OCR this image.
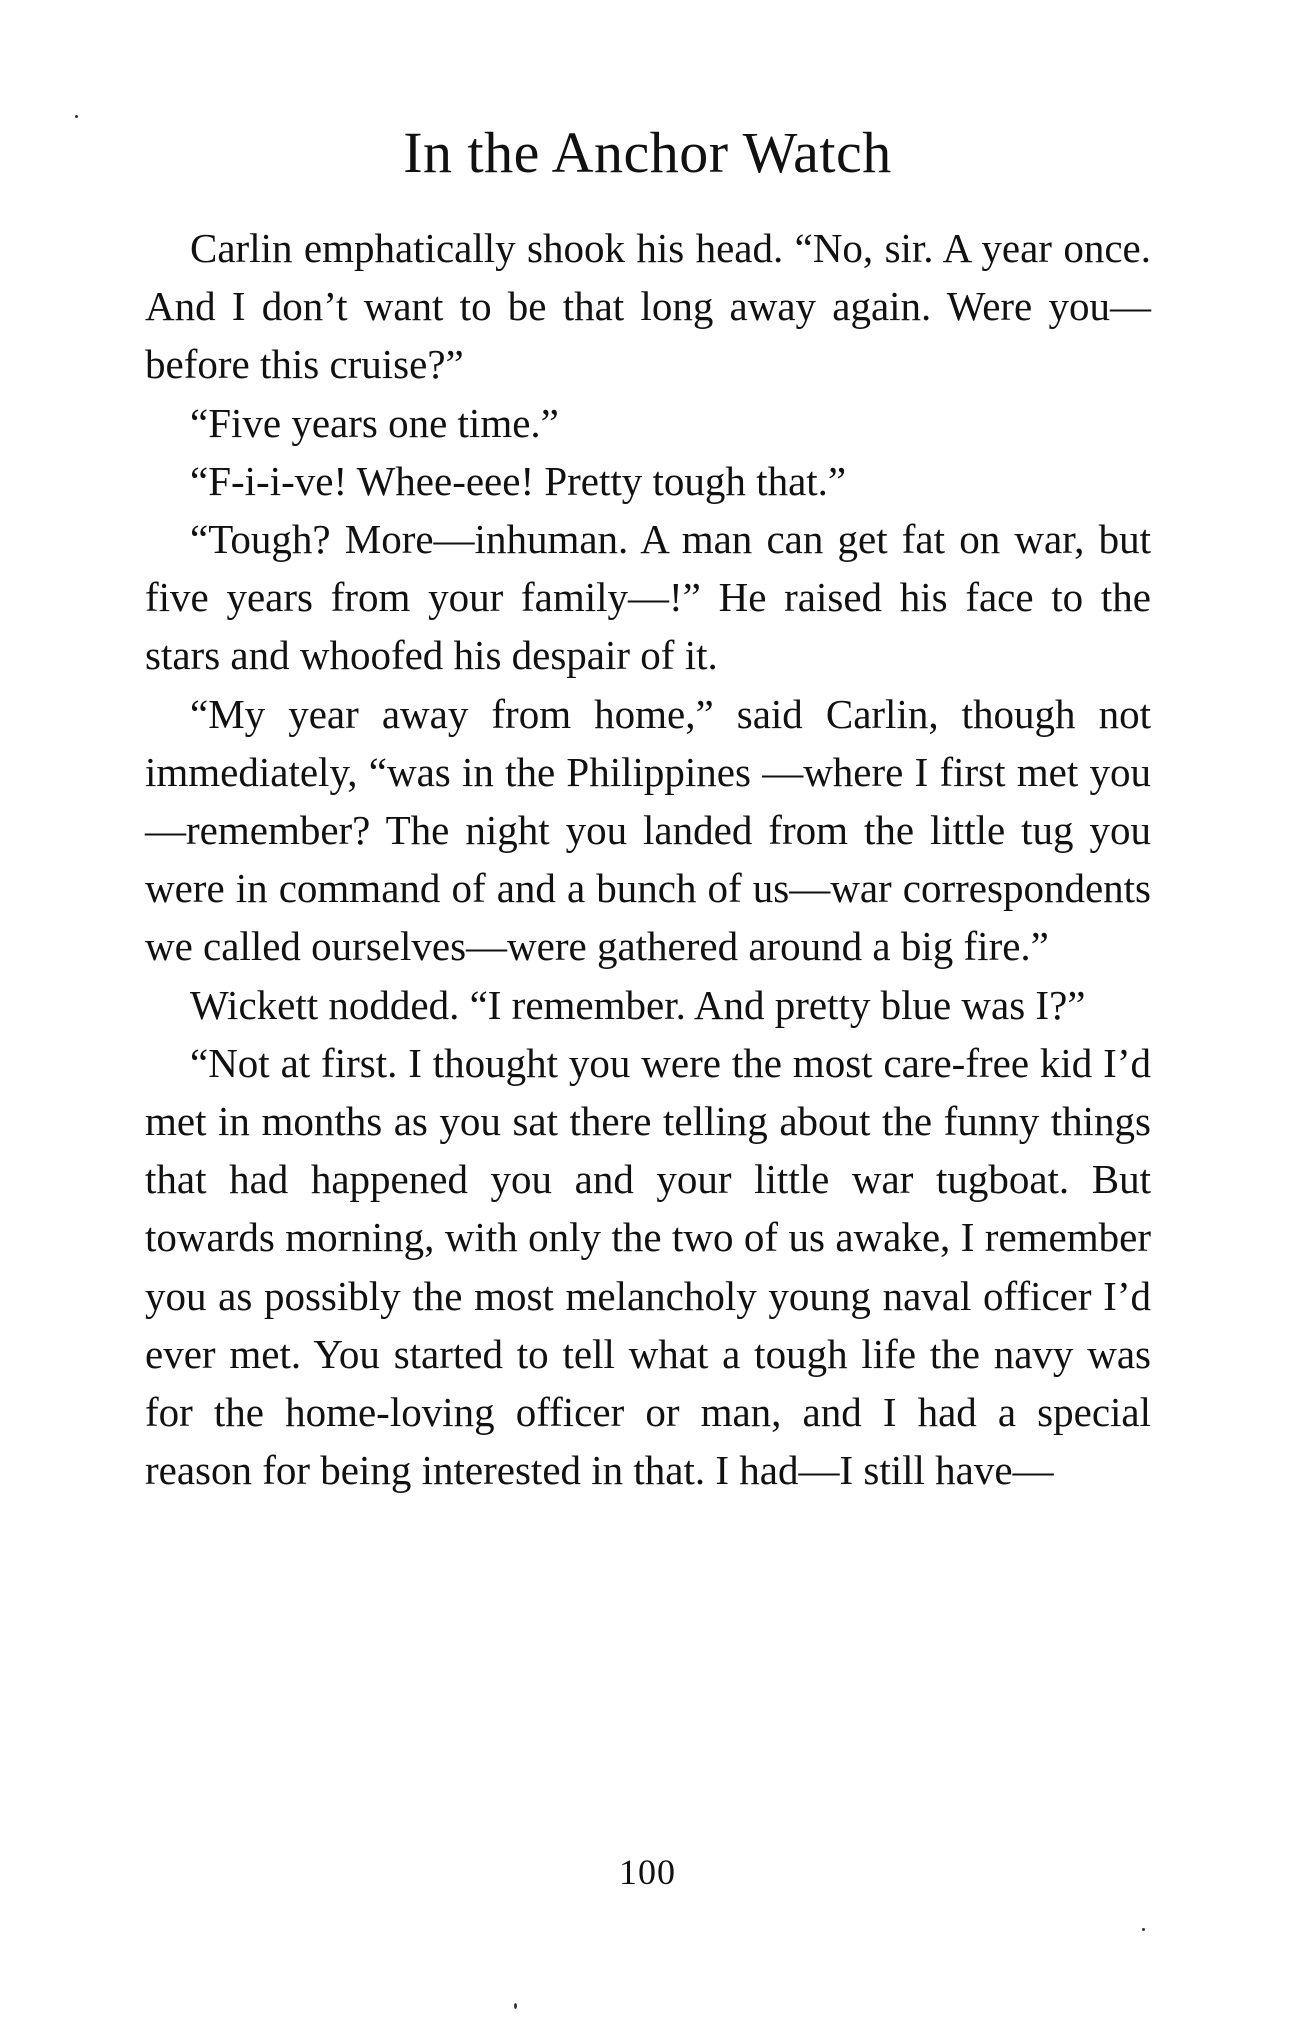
In the Anchor Watch

Carlin emphatically shook his head. “No, sir. A year once. And I don’t want to be that long away again. Were you—before this cruise?”

“Five years one time.”

“F-i-i-ve! Whee-eee! Pretty tough that.”

“Tough? More—inhuman. A man can get fat on war, but five years from your family—!” He raised his face to the stars and whoofed his despair of it.

“My year away from home,” said Carlin, though not immediately, “was in the Philippines —where I first met you—remember? The night you landed from the little tug you were in command of and a bunch of us—war correspondents we called ourselves—were gathered around a big fire.”

Wickett nodded. “I remember. And pretty blue was I?”

“Not at first. I thought you were the most care-free kid I’d met in months as you sat there telling about the funny things that had happened you and your little war tugboat. But towards morning, with only the two of us awake, I remember you as possibly the most melancholy young naval officer I’d ever met. You started to tell what a tough life the navy was for the home-loving officer or man, and I had a special reason for being interested in that. I had—I still have—

100
